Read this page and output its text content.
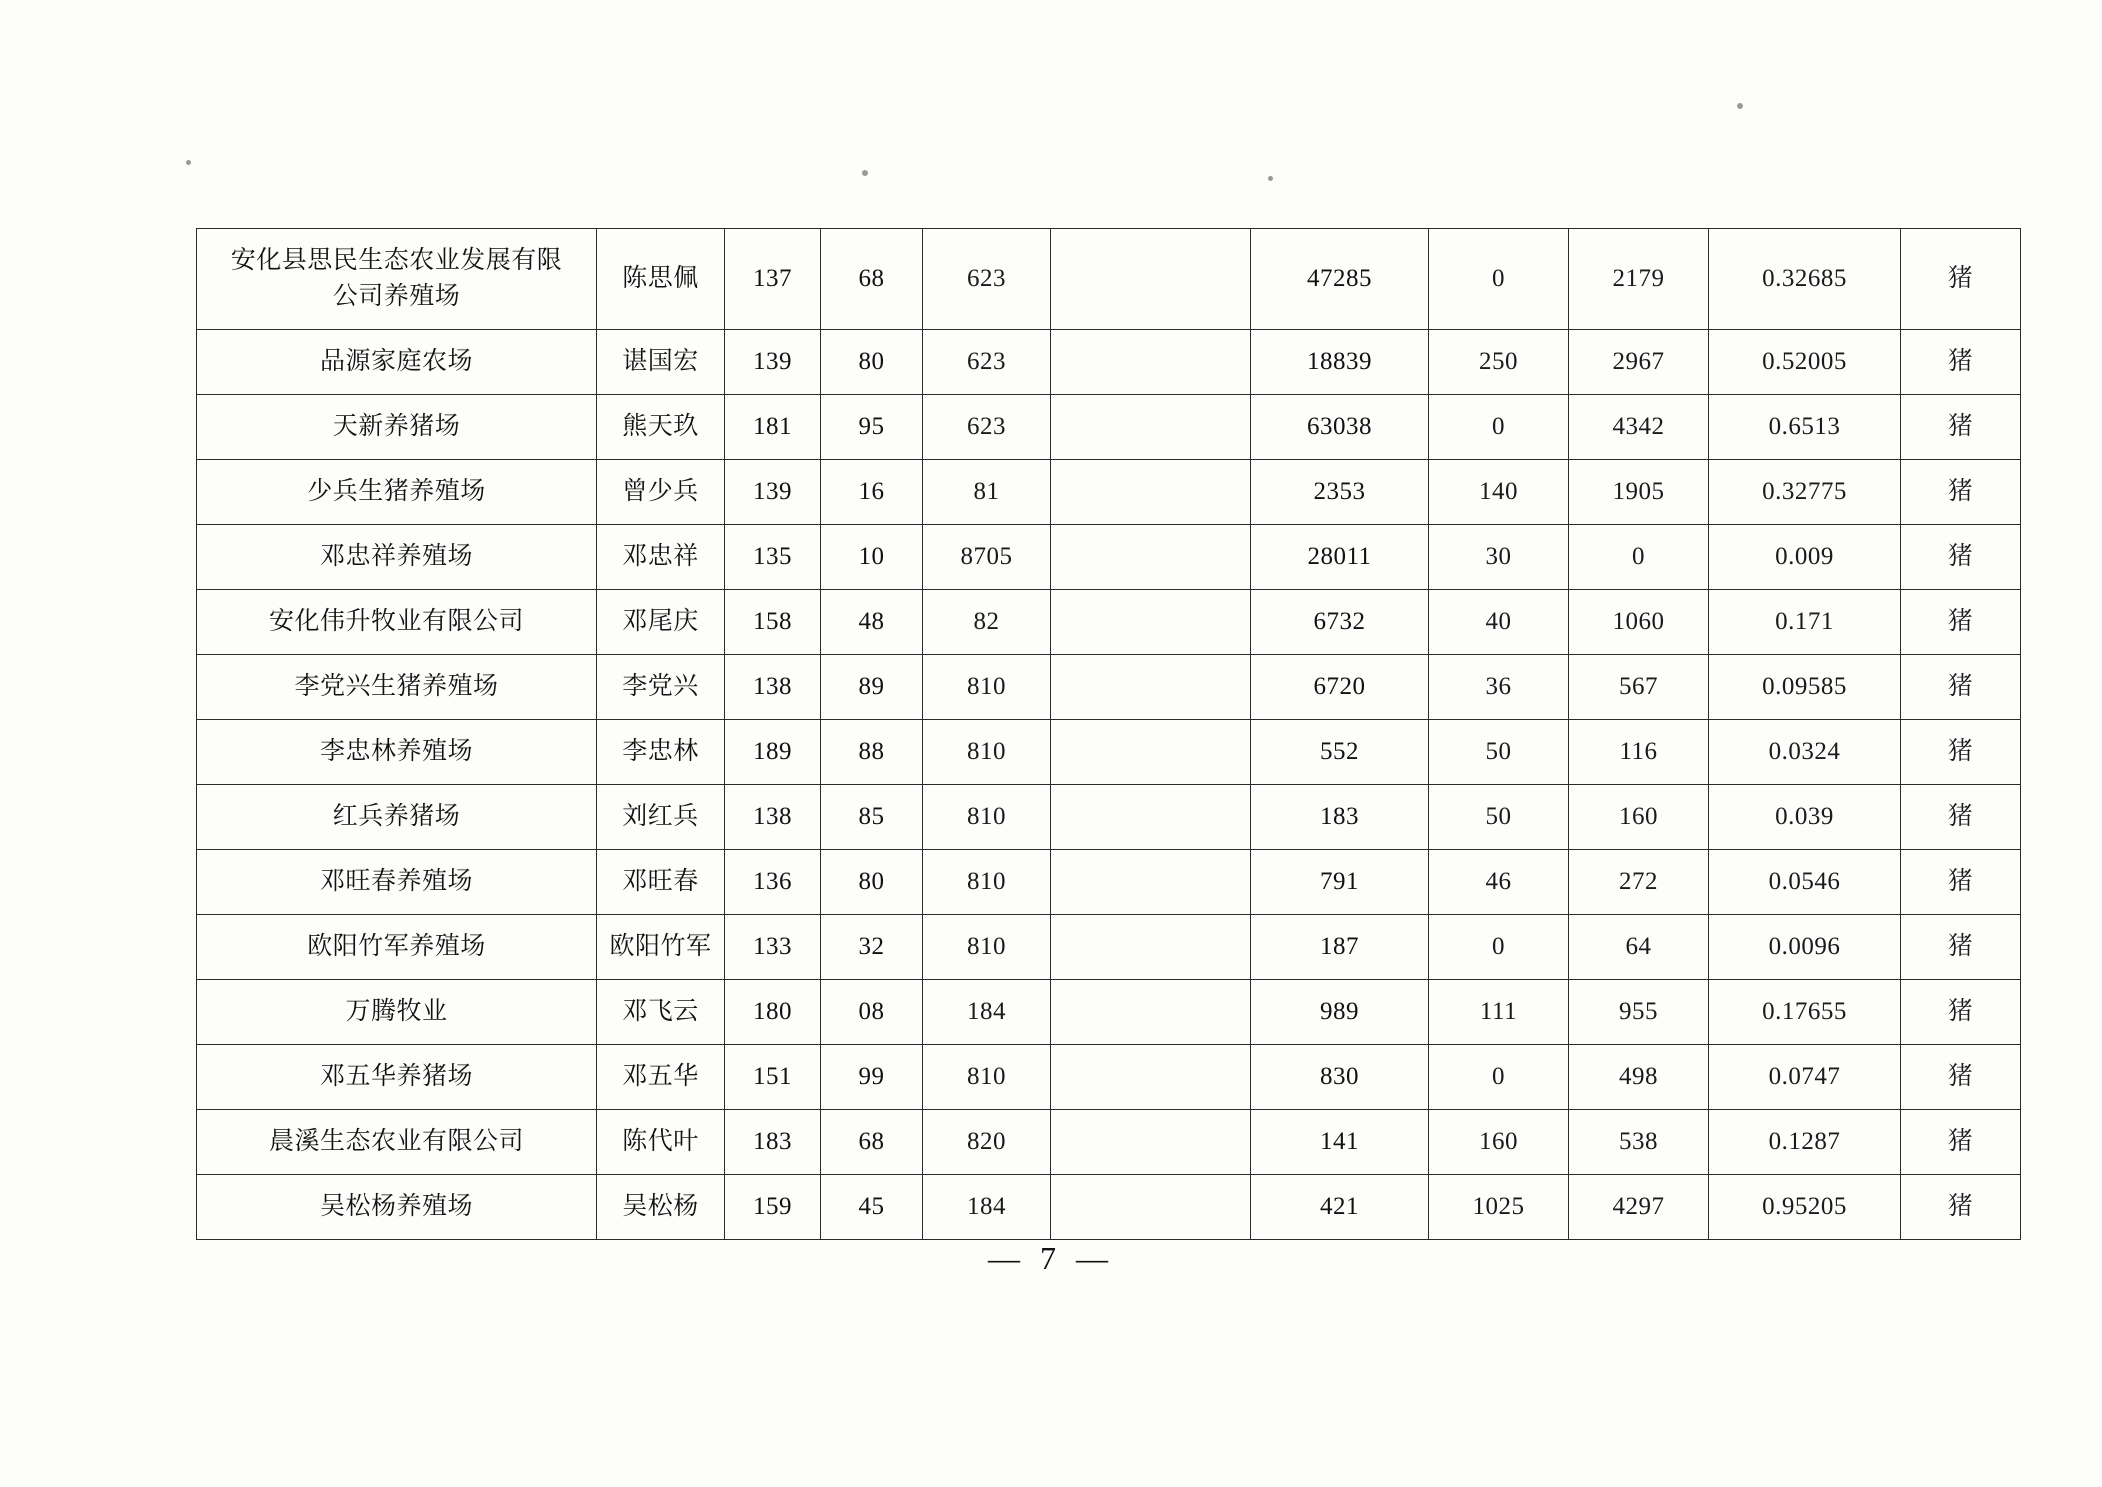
安化县思民生态农业发展有限
公司养殖场	陈思佩	137	68	623		47285	0	2179	0.32685	猪

品源家庭农场	谌国宏	139	80	623		18839	250	2967	0.52005	猪

天新养猪场	熊天玖	181	95	623		63038	0	4342	0.6513	猪

少兵生猪养殖场	曾少兵	139	16	81		2353	140	1905	0.32775	猪

邓忠祥养殖场	邓忠祥	135	10	8705		28011	30	0	0.009	猪

安化伟升牧业有限公司	邓尾庆	158	48	82		6732	40	1060	0.171	猪

李党兴生猪养殖场	李党兴	138	89	810		6720	36	567	0.09585	猪

李忠林养殖场	李忠林	189	88	810		552	50	116	0.0324	猪

红兵养猪场	刘红兵	138	85	810		183	50	160	0.039	猪

邓旺春养殖场	邓旺春	136	80	810		791	46	272	0.0546	猪

欧阳竹军养殖场	欧阳竹军	133	32	810		187	0	64	0.0096	猪

万腾牧业	邓飞云	180	08	184		989	111	955	0.17655	猪

邓五华养猪场	邓五华	151	99	810		830	0	498	0.0747	猪

晨溪生态农业有限公司	陈代叶	183	68	820		141	160	538	0.1287	猪

吴松杨养殖场	吴松杨	159	45	184		421	1025	4297	0.95205	猪
— 7 —
